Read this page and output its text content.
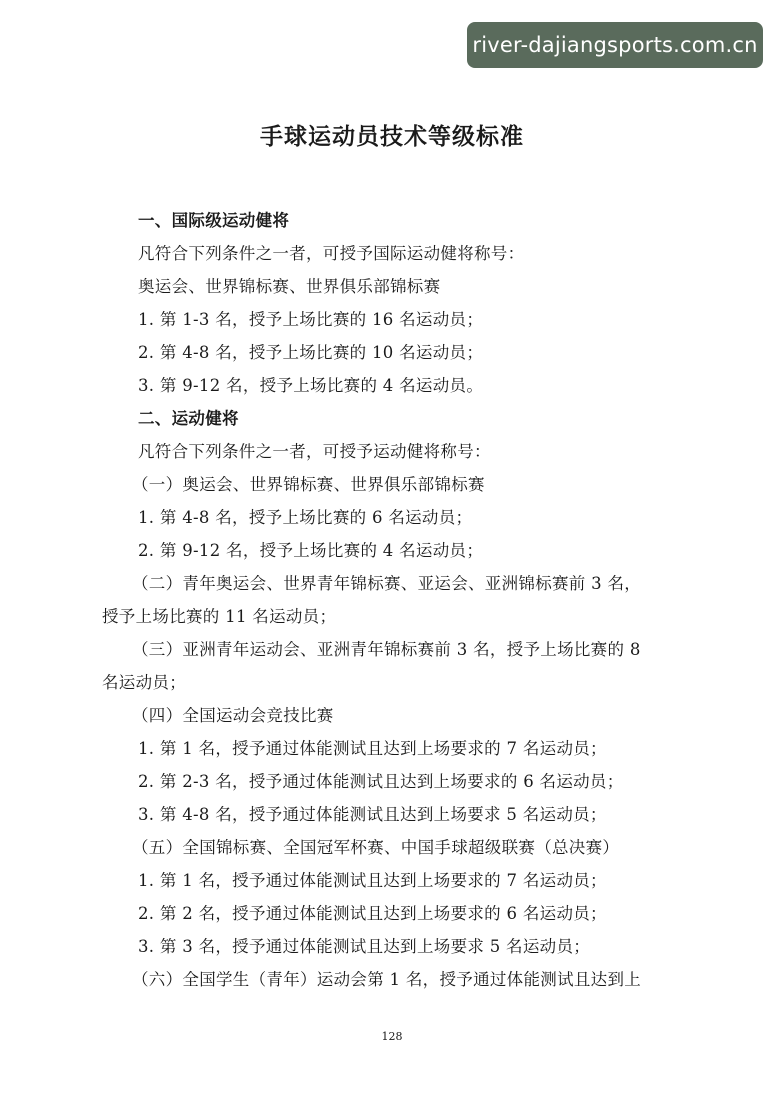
river-dajiangsports.com.cn
手球运动员技术等级标准
一、国际级运动健将
凡符合下列条件之一者，可授予国际运动健将称号：
奥运会、世界锦标赛、世界俱乐部锦标赛
1. 第 1-3 名，授予上场比赛的 16 名运动员；
2. 第 4-8 名，授予上场比赛的 10 名运动员；
3. 第 9-12 名，授予上场比赛的 4 名运动员。
二、运动健将
凡符合下列条件之一者，可授予运动健将称号：
（一）奥运会、世界锦标赛、世界俱乐部锦标赛
1. 第 4-8 名，授予上场比赛的 6 名运动员；
2. 第 9-12 名，授予上场比赛的 4 名运动员；
（二）青年奥运会、世界青年锦标赛、亚运会、亚洲锦标赛前 3 名，
授予上场比赛的 11 名运动员；
（三）亚洲青年运动会、亚洲青年锦标赛前 3 名，授予上场比赛的 8
名运动员；
（四）全国运动会竞技比赛
1. 第 1 名，授予通过体能测试且达到上场要求的 7 名运动员；
2. 第 2-3 名，授予通过体能测试且达到上场要求的 6 名运动员；
3. 第 4-8 名，授予通过体能测试且达到上场要求 5 名运动员；
（五）全国锦标赛、全国冠军杯赛、中国手球超级联赛（总决赛）
1. 第 1 名，授予通过体能测试且达到上场要求的 7 名运动员；
2. 第 2 名，授予通过体能测试且达到上场要求的 6 名运动员；
3. 第 3 名，授予通过体能测试且达到上场要求 5 名运动员；
（六）全国学生（青年）运动会第 1 名，授予通过体能测试且达到上
128
